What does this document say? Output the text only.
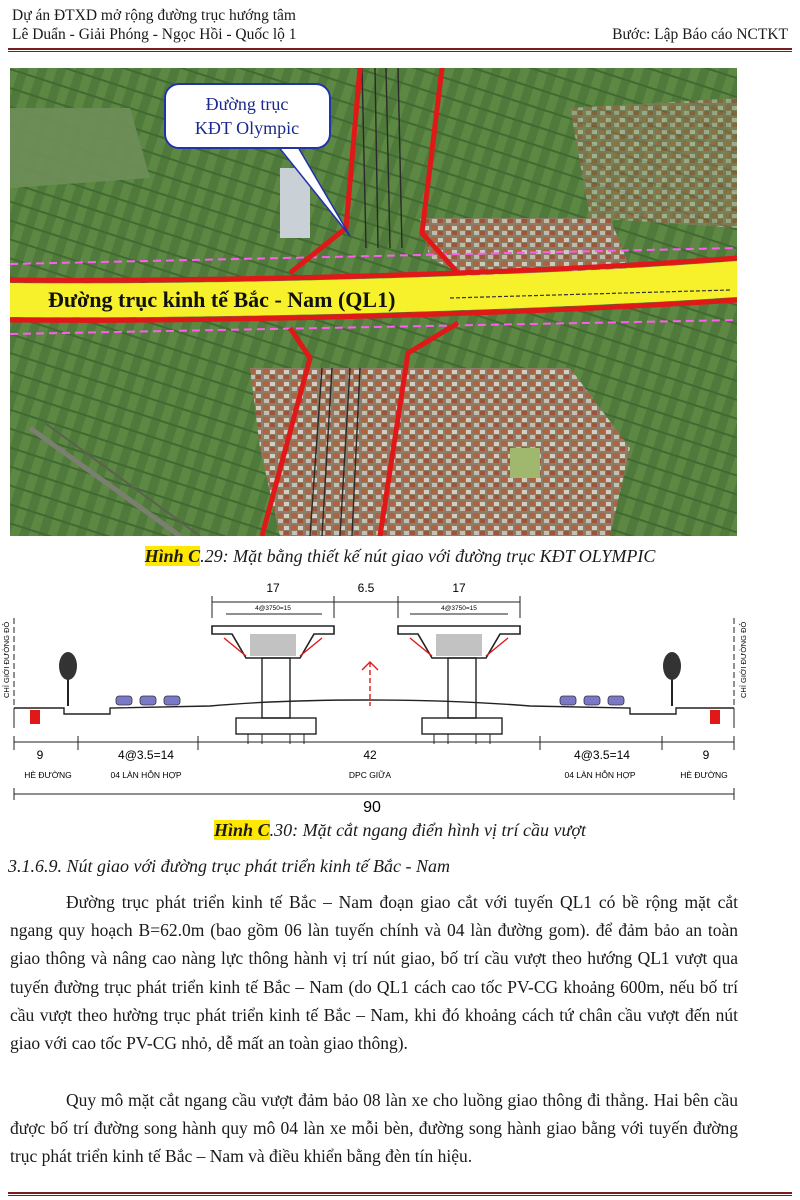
Dự án ĐTXD mở rộng đường trục hướng tâm
Lê Duẩn - Giải Phóng - Ngọc Hồi - Quốc lộ 1	Bước: Lập Báo cáo NCTKT
Đường trục kinh tế Bắc - Nam (QL1)
Đường trục
KĐT Olympic
Hình C.29: Mặt bằng thiết kế nút giao với đường trục KĐT OLYMPIC
17	6.5	17
4@3750=15	4@3750=15
CHỈ GIỚI ĐƯỜNG ĐỎ	CHỈ GIỚI ĐƯỜNG ĐỎ
9	4@3.5=14	42	4@3.5=14	9
HÈ ĐƯỜNG	04 LÀN HỖN HỢP	DPC GIỮA	04 LÀN HỖN HỢP	HÈ ĐƯỜNG
90
Hình C.30: Mặt cắt ngang điển hình vị trí cầu vượt
3.1.6.9. Nút giao với đường trục phát triển kinh tế Bắc - Nam

Đường trục phát triển kinh tế Bắc – Nam đoạn giao cắt với tuyến QL1 có bề rộng mặt cắt ngang quy hoạch B=62.0m (bao gồm 06 làn tuyến chính và 04 làn đường gom). để đảm bảo an toàn giao thông và nâng cao nàng lực thông hành vị trí nút giao, bố trí cầu vượt theo hướng QL1 vượt qua tuyến đường trục phát triển kinh tế Bắc – Nam (do QL1 cách cao tốc PV-CG khoảng 600m, nếu bố trí cầu vượt theo hường trục phát triển kinh tế Bắc – Nam, khi đó khoảng cách tứ chân cầu vượt đến nút giao với cao tốc PV-CG nhỏ, dễ mất an toàn giao thông).

Quy mô mặt cắt ngang cầu vượt đảm bảo 08 làn xe cho luồng giao thông đi thẳng. Hai bên cầu được bố trí đường song hành quy mô 04 làn xe mỗi bèn, đường song hành giao bằng với tuyến đường trục phát triển kinh tế Bắc – Nam và điều khiển bằng đèn tín hiệu.
